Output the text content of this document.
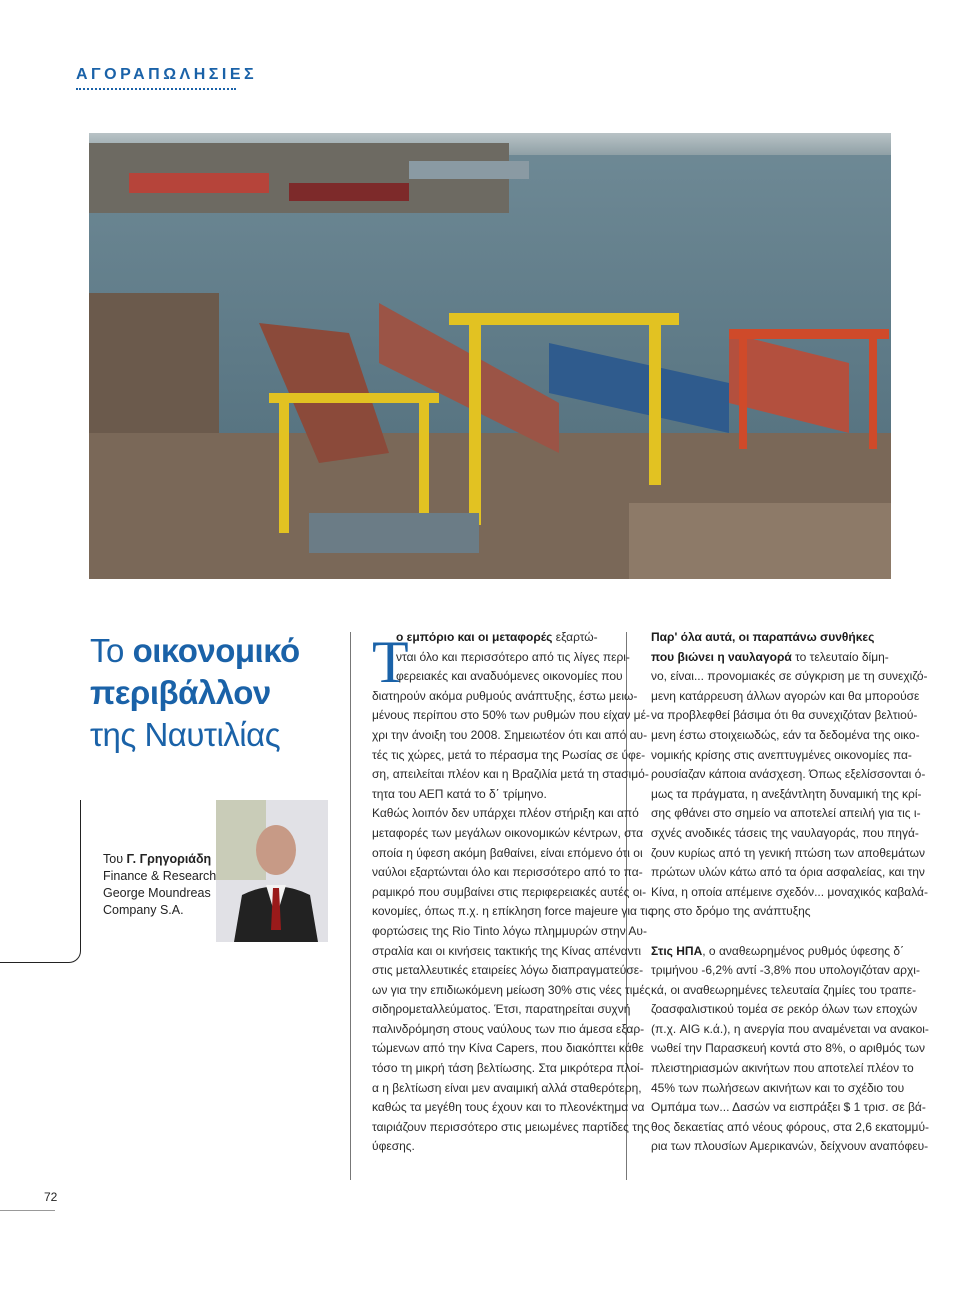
ΑΓΟΡΑΠΩΛΗΣΙΕΣ
Το οικονομικό
περιβάλλον
της Ναυτιλίας
Του Γ. Γρηγοριάδη
Finance & Research
George Moundreas
Company S.A.
Τ
ο εμπόριο και οι μεταφορές εξαρτώ-
νται όλο και περισσότερο από τις λίγες περι-
φερειακές και αναδυόμενες οικονομίες που
διατηρούν ακόμα ρυθμούς ανάπτυξης, έστω μειω-
μένους περίπου στο 50% των ρυθμών που είχαν μέ-
χρι την άνοιξη του 2008. Σημειωτέον ότι και από αυ-
τές τις χώρες, μετά το πέρασμα της Ρωσίας σε ύφε-
ση, απειλείται πλέον και η Βραζιλία μετά τη στασιμό-
τητα του ΑΕΠ κατά το δ΄ τρίμηνο.
Καθώς λοιπόν δεν υπάρχει πλέον στήριξη και από
μεταφορές των μεγάλων οικονομικών κέντρων, στα
οποία η ύφεση ακόμη βαθαίνει, είναι επόμενο ότι οι
ναύλοι εξαρτώνται όλο και περισσότερο από το πα-
ραμικρό που συμβαίνει στις περιφερειακές αυτές οι-
κονομίες, όπως π.χ. η επίκληση force majeure για τις
φορτώσεις της Rio Tinto λόγω πλημμυρών στην Αυ-
στραλία και οι κινήσεις τακτικής της Κίνας απέναντι
στις μεταλλευτικές εταιρείες λόγω διαπραγματεύσε-
ων για την επιδιωκόμενη μείωση 30% στις νέες τιμές
σιδηρομεταλλεύματος. Έτσι, παρατηρείται συχνή
παλινδρόμηση στους ναύλους των πιο άμεσα εξαρ-
τώμενων από την Κίνα Capers, που διακόπτει κάθε
τόσο τη μικρή τάση βελτίωσης. Στα μικρότερα πλοί-
α η βελτίωση είναι μεν αναιμική αλλά σταθερότερη,
καθώς τα μεγέθη τους έχουν και το πλεονέκτημα να
ταιριάζουν περισσότερο στις μειωμένες παρτίδες της
ύφεσης.
Παρ' όλα αυτά, οι παραπάνω συνθήκες
που βιώνει η ναυλαγορά το τελευταίο δίμη-
νο, είναι... προνομιακές σε σύγκριση με τη συνεχιζό-
μενη κατάρρευση άλλων αγορών και θα μπορούσε
να προβλεφθεί βάσιμα ότι θα συνεχιζόταν βελτιού-
μενη έστω στοιχειωδώς, εάν τα δεδομένα της οικο-
νομικής κρίσης στις ανεπτυγμένες οικονομίες πα-
ρουσίαζαν κάποια ανάσχεση. Όπως εξελίσσονται ό-
μως τα πράγματα, η ανεξάντλητη δυναμική της κρί-
σης φθάνει στο σημείο να αποτελεί απειλή για τις ι-
σχνές ανοδικές τάσεις της ναυλαγοράς, που πηγά-
ζουν κυρίως από τη γενική πτώση των αποθεμάτων
πρώτων υλών κάτω από τα όρια ασφαλείας, και την
Κίνα, η οποία απέμεινε σχεδόν... μοναχικός καβαλά-
ρης στο δρόμο της ανάπτυξης

Στις ΗΠΑ, ο αναθεωρημένος ρυθμός ύφεσης δ΄
τριμήνου -6,2% αντί -3,8% που υπολογιζόταν αρχι-
κά, οι αναθεωρημένες τελευταία ζημίες του τραπε-
ζοασφαλιστικού τομέα σε ρεκόρ όλων των εποχών
(π.χ. AIG κ.ά.), η ανεργία που αναμένεται να ανακοι-
νωθεί την Παρασκευή κοντά στο 8%, ο αριθμός των
πλειστηριασμών ακινήτων που αποτελεί πλέον το
45% των πωλήσεων ακινήτων και το σχέδιο του
Ομπάμα των... Δασών να εισπράξει $ 1 τρισ. σε βά-
θος δεκαετίας από νέους φόρους, στα 2,6 εκατομμύ-
ρια των πλουσίων Αμερικανών, δείχνουν αναπόφευ-
72
